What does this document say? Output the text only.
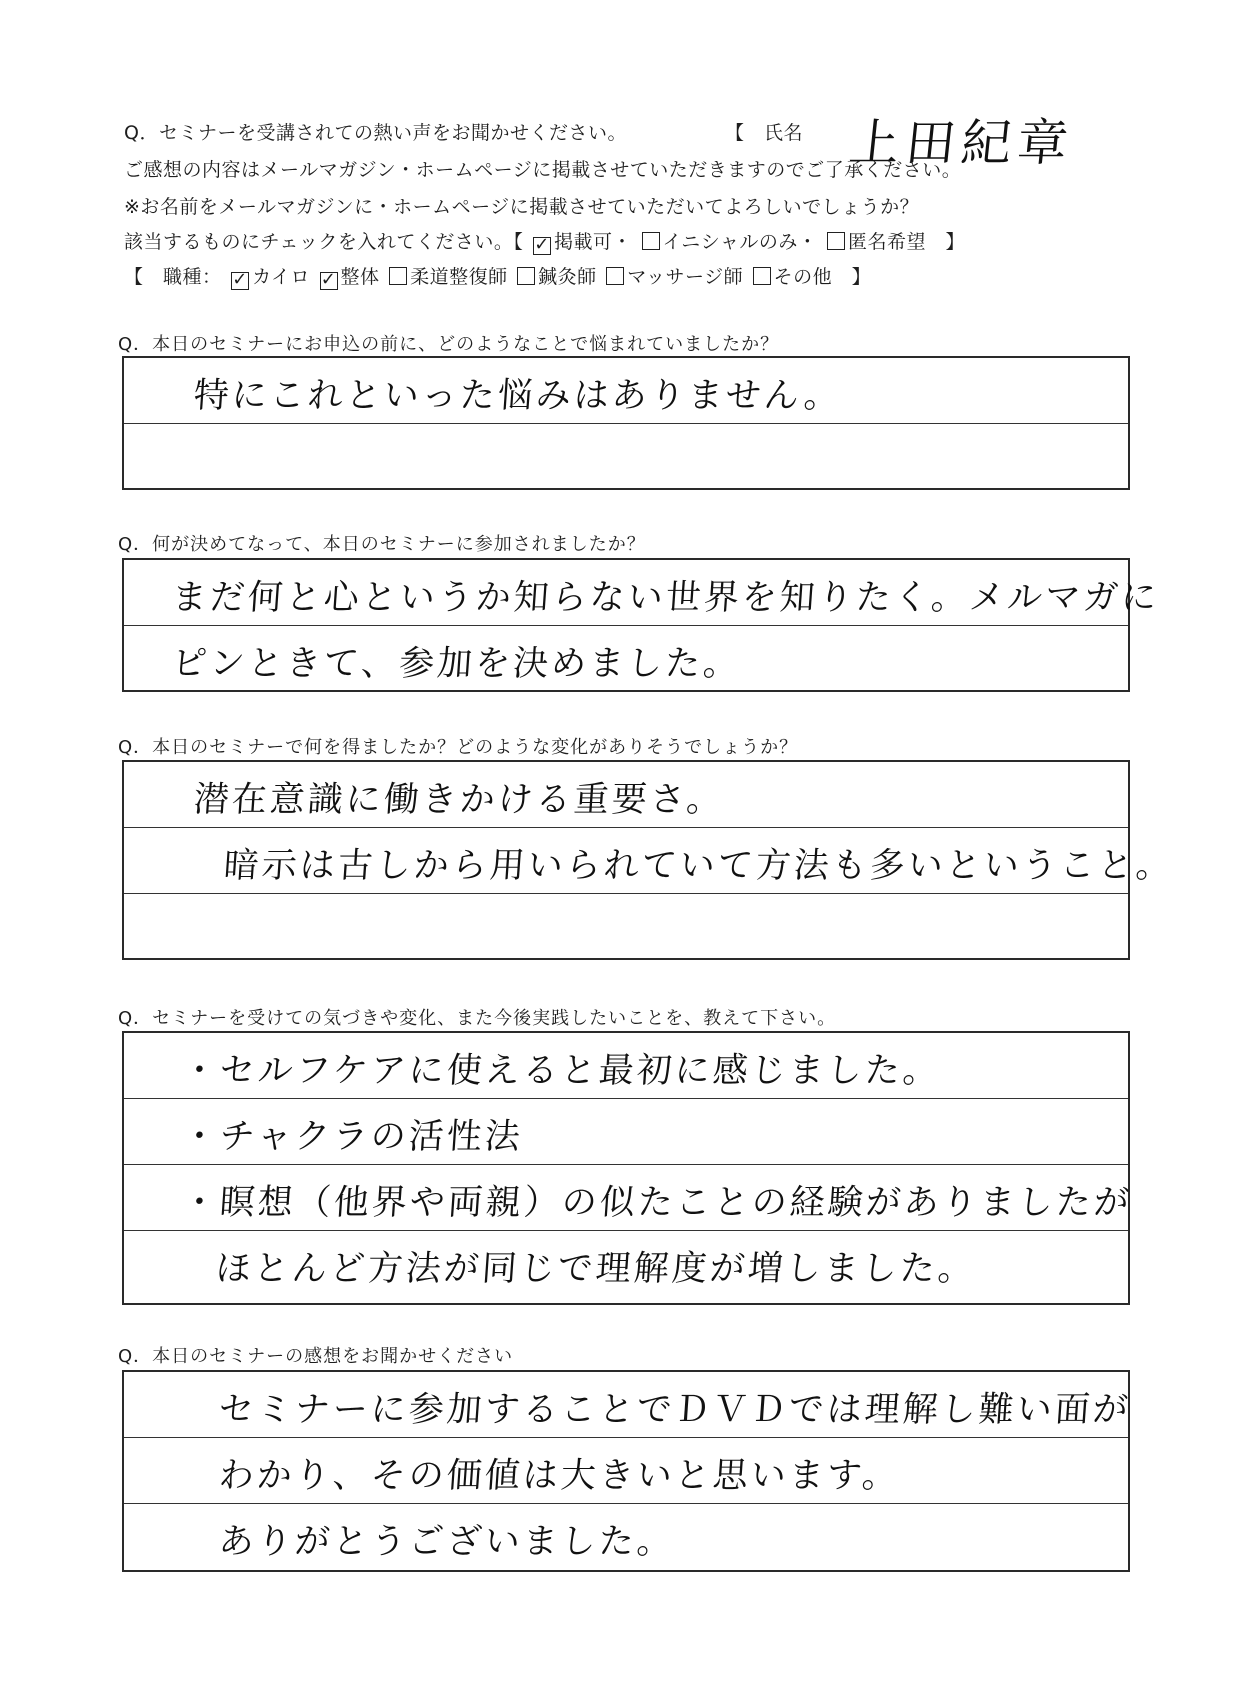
Q．セミナーを受講されての熱い声をお聞かせください。	【　氏名 上田紀章
ご感想の内容はメールマガジン・ホームページに掲載させていただきますのでご了承ください。
※お名前をメールマガジンに・ホームページに掲載させていただいてよろしいでしょうか？
該当するものにチェックを入れてください。【 ✓ 掲載可・ イニシャルのみ・ 匿名希望　】
【　職種： ✓ カイロ ✓ 整体 柔道整復師 鍼灸師 マッサージ師 その他　】
Q．本日のセミナーにお申込の前に、どのようなことで悩まれていましたか？
特にこれといった悩みはありません。
Q．何が決めてなって、本日のセミナーに参加されましたか？
まだ何と心というか知らない世界を知りたく。メルマガに
ピンときて、参加を決めました。
Q．本日のセミナーで何を得ましたか？どのような変化がありそうでしょうか？
潜在意識に働きかける重要さ。
暗示は古しから用いられていて方法も多いということ。
Q．セミナーを受けての気づきや変化、また今後実践したいことを、教えて下さい。
・セルフケアに使えると最初に感じました。
・チャクラの活性法
・瞑想（他界や両親）の似たことの経験がありましたが
ほとんど方法が同じで理解度が増しました。
Q．本日のセミナーの感想をお聞かせください
セミナーに参加することでＤＶＤでは理解し難い面が
わかり、その価値は大きいと思います。
ありがとうございました。
